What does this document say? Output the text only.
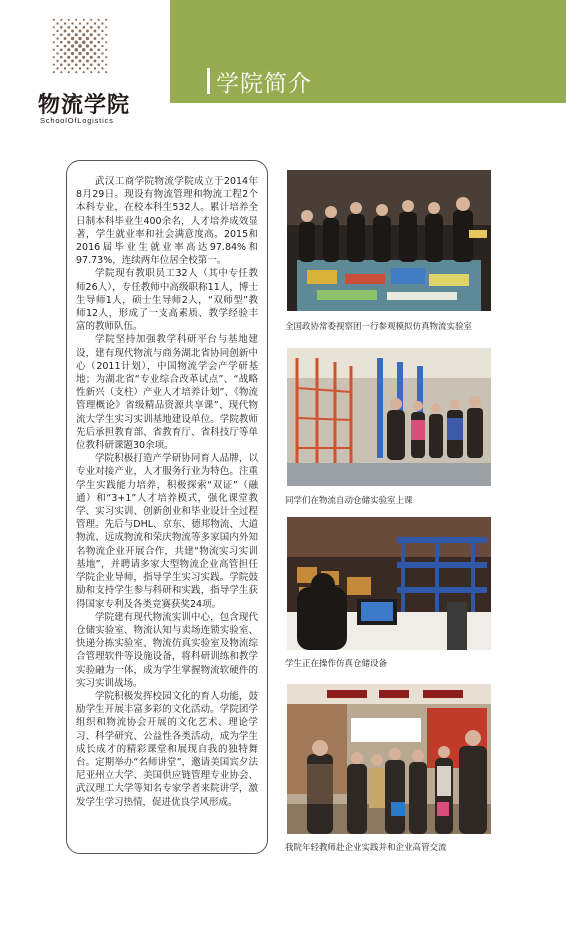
物流学院
SchoolOfLogistics
学院简介

武汉工商学院物流学院成立于2014年8月29日。现设有物流管理和物流工程2个本科专业，在校本科生532人。累计培养全日制本科毕业生400余名，人才培养成效显著，学生就业率和社会满意度高。2015和2016届毕业生就业率高达97.84%和97.73%，连续两年位居全校第一。

学院现有教职员工32人（其中专任教师26人），专任教师中高级职称11人，博士生导师1人，硕士生导师2人，“双师型”教师12人，形成了一支高素质、教学经验丰富的教师队伍。

学院坚持加强教学科研平台与基地建设，建有现代物流与商务湖北省协同创新中心（2011计划），中国物流学会产学研基地；为湖北省“专业综合改革试点”、“战略性新兴（支柱）产业人才培养计划”、《物流管理概论》省级精品资源共享课”、现代物流大学生实习实训基地建设单位。学院教师先后承担教育部、省教育厅、省科技厅等单位教科研课题30余项。

学院积极打造产学研协同育人品牌，以专业对接产业，人才服务行业为特色。注重学生实践能力培养，积极探索“双证”（融通）和“3+1”人才培养模式，强化课堂教学、实习实训、创新创业和毕业设计全过程管理。先后与DHL、京东、德邦物流、大道物流、远成物流和荣庆物流等多家国内外知名物流企业开展合作，共建“物流实习实训基地”，并聘请多家大型物流企业高管担任学院企业导师，指导学生实习实践。学院鼓励和支持学生参与科研和实践，指导学生获得国家专利及各类竞赛获奖24项。

学院建有现代物流实训中心，包含现代仓储实验室、物流认知与卖场连锁实验室、快递分拣实验室、物流仿真实验室及物流综合管理软件等设施设备，将科研训练和教学实验融为一体，成为学生掌握物流软硬件的实习实训战场。

学院积极发挥校园文化的育人功能，鼓励学生开展丰富多彩的文化活动。学院团学组织和物流协会开展的文化艺术、理论学习、科学研究、公益性各类活动，成为学生成长成才的精彩课堂和展现自我的独特舞台。定期举办“名师讲堂”，邀请美国宾夕法尼亚州立大学、美国供应链管理专业协会、武汉理工大学等知名专家学者来院讲学，激发学生学习热情，促进优良学风形成。

全国政协常委视察团一行参观模拟仿真物流实验室
同学们在物流自动仓储实验室上课
学生正在操作仿真仓储设备
我院年轻教师赴企业实践并和企业高管交流
